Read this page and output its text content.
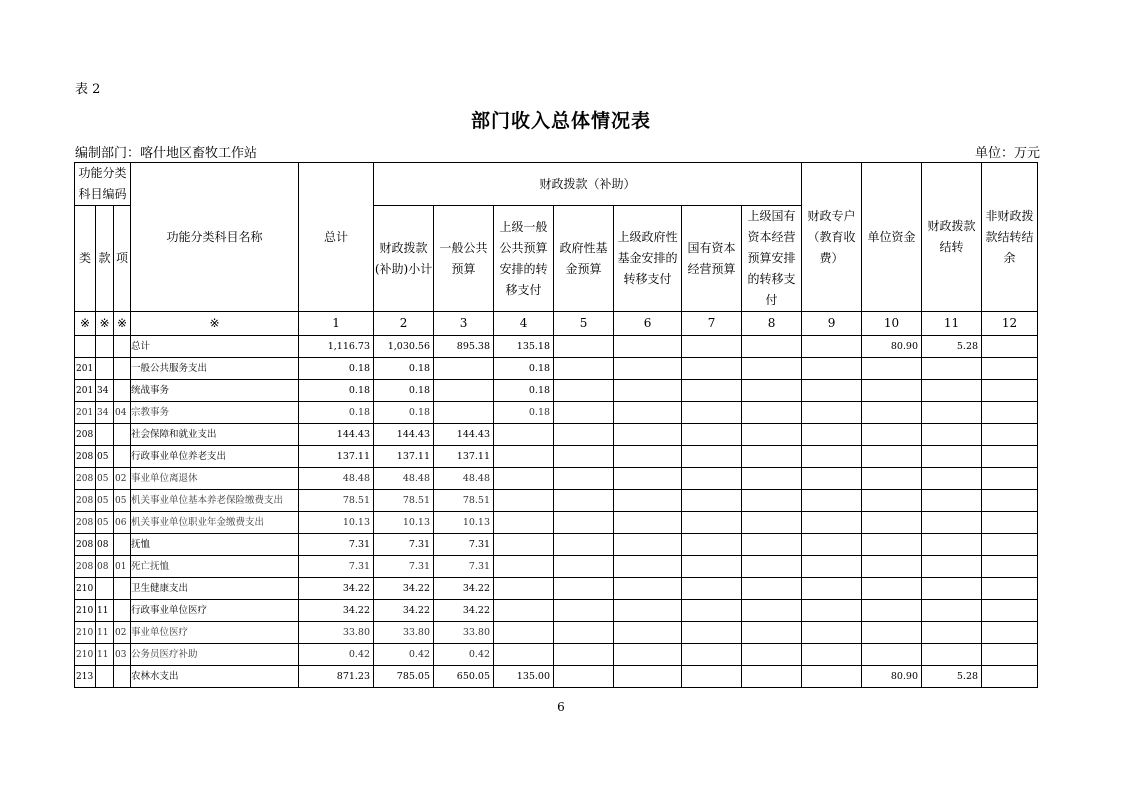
表 2
部门收入总体情况表
编制部门：喀什地区畜牧工作站	单位：万元
功能分类科目编码			功能分类科目名称	总计	财政拨款（补助）							财政专户（教育收费）	单位资金	财政拨款结转	非财政拨款结转结余
类	款	项			财政拨款(补助)小计	一般公共预算	上级一般公共预算安排的转移支付	政府性基金预算	上级政府性基金安排的转移支付	国有资本经营预算	上级国有资本经营预算安排的转移支付				

※	※	※	※	1	2	3	4	5	6	7	8	9	10	11	12
			总计	1,116.73	1,030.56	895.38	135.18						80.90	5.28	
201			一般公共服务支出	0.18	0.18		0.18								
201	34		统战事务	0.18	0.18		0.18								
201	34	04	宗教事务	0.18	0.18		0.18								
208			社会保障和就业支出	144.43	144.43	144.43									
208	05		行政事业单位养老支出	137.11	137.11	137.11									
208	05	02	事业单位离退休	48.48	48.48	48.48									
208	05	05	机关事业单位基本养老保险缴费支出	78.51	78.51	78.51									
208	05	06	机关事业单位职业年金缴费支出	10.13	10.13	10.13									
208	08		抚恤	7.31	7.31	7.31									
208	08	01	死亡抚恤	7.31	7.31	7.31									
210			卫生健康支出	34.22	34.22	34.22									
210	11		行政事业单位医疗	34.22	34.22	34.22									
210	11	02	事业单位医疗	33.80	33.80	33.80									
210	11	03	公务员医疗补助	0.42	0.42	0.42									
213			农林水支出	871.23	785.05	650.05	135.00						80.90	5.28	
6
